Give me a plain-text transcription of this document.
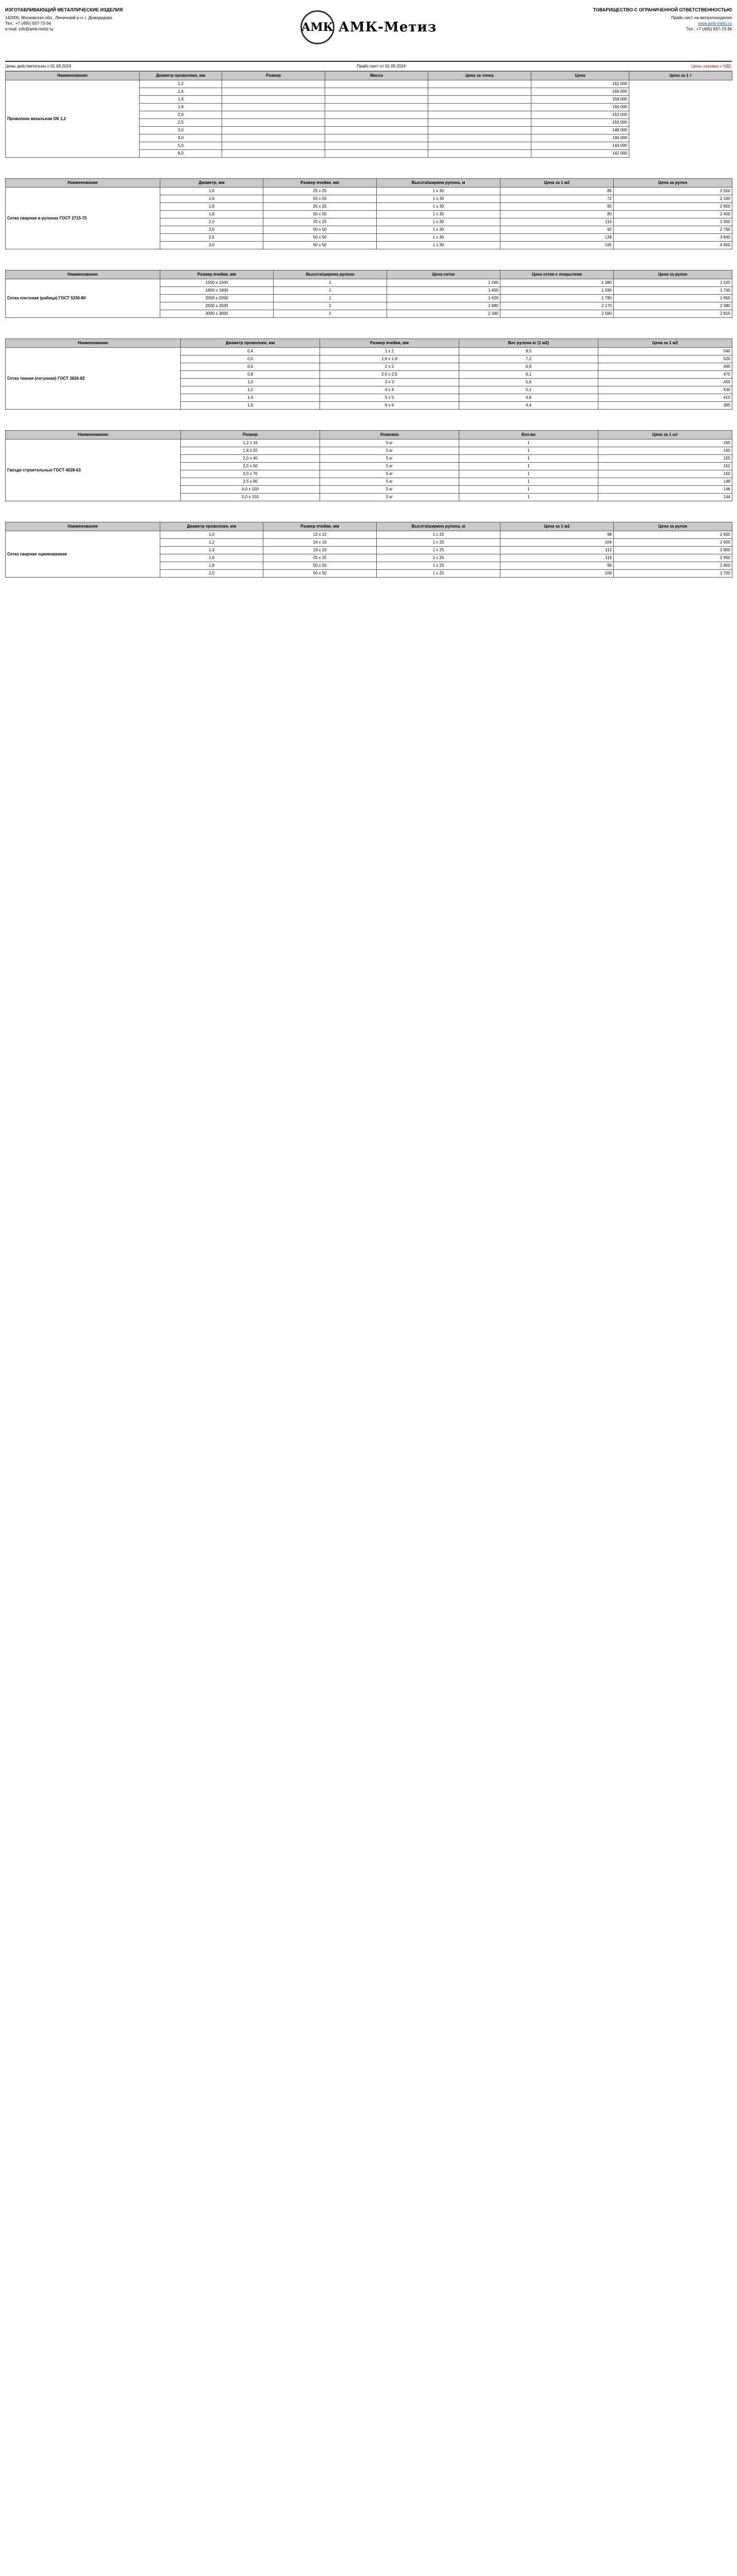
ИЗГОТАВЛИВАЮЩИЙ МЕТАЛЛИЧЕСКИЕ ИЗДЕЛИЯ
142000, Московская обл., Ленинский р-н, г. Домодедово
Тел.: +7 (495) 937-73-34
e-mail: info@amk-metiz.ru	АМК АМК-Метиз
ТОВАРИЩЕСТВО С ОГРАНИЧЕННОЙ ОТВЕТСТВЕННОСТЬЮ
Прайс-лист на металлоизделия
www.amk-metiz.ru
Тел.: +7 (495) 937-73-34
Цены действительны с 01.09.2024	Прайс-лист от 01.09.2024	Цены указаны с НДС
Наименование	Диаметр проволоки, мм	Размер	Масса	Цена за тонну	Цена	Цена за 1 т
Проволока вязальная ОК 1,2	1,2				162 000	
	1,4				160 000	
	1,6				158 000	
	1,8				156 000	
	2,0				152 000	
	2,5				150 000	
	3,0				148 000	
	4,0				146 000	
	5,0				144 000	
	6,0				142 000	
Наименование	Диаметр, мм	Размер ячейки, мм	Высота/ширина рулона, м	Цена за 1 м2	Цена за рулон
Сетка сварная в рулонах ГОСТ 2715-75	1,6	25 х 25	1 х 30	85	2 550
	1,6	50 х 50	1 х 30	72	2 160
	1,8	25 х 25	1 х 30	95	2 850
	1,8	50 х 50	1 х 30	80	2 400
	2,0	25 х 25	1 х 30	110	3 300
	2,0	50 х 50	1 х 30	92	2 760
	2,5	50 х 50	1 х 30	128	3 840
	3,0	50 х 50	1 х 30	165	4 950
Наименование	Размер ячейки, мм	Высота/ширина рулона	Цена сетки	Цена сетки с покрытием	Цена за рулон
Сетка плетеная (рабица) ГОСТ 5336-80	1500 х 1500	1	1 260	1 380	1 520
	1800 х 1800	1	1 450	1 590	1 740
	2000 х 2000	1	1 620	1 780	1 950
	2500 х 2500	1	1 980	2 170	2 380
	3000 х 3000	1	2 340	2 560	2 810
Наименование	Диаметр проволоки, мм	Размер ячейки, мм	Вес рулона кг (1 м2)	Цена за 1 м2
Сетка тканая (латунная) ГОСТ 3826-82	0,4	1 х 1	8,5	540
	0,5	1,6 х 1,6	7,2	520
	0,6	2 х 2	6,8	495
	0,8	2,5 х 2,5	6,1	470
	1,0	3 х 3	5,6	450
	1,2	4 х 4	5,1	430
	1,4	5 х 5	4,8	410
	1,6	6 х 6	4,4	395
Наименование	Размер	Упаковка	Кол-во	Цена за 1 шт
Гвозди строительные ГОСТ 4028-63	1,2 х 16	5 кг	1	165
	1,6 х 25	5 кг	1	160
	2,0 х 40	5 кг	1	155
	2,5 х 50	5 кг	1	152
	3,0 х 70	5 кг	1	150
	3,5 х 90	5 кг	1	148
	4,0 х 100	5 кг	1	146
	5,0 х 150	5 кг	1	144
Наименование	Диаметр проволоки, мм	Размер ячейки, мм	Высота/ширина рулона, м	Цена за 1 м2	Цена за рулон
Сетка сварная оцинкованная	1,0	12 х 12	1 х 25	98	2 450
	1,2	16 х 16	1 х 25	104	2 600
	1,4	19 х 19	1 х 25	112	2 800
	1,6	25 х 25	1 х 25	118	2 950
	1,8	50 х 50	1 х 25	96	2 400
	2,0	50 х 50	1 х 25	108	2 700
